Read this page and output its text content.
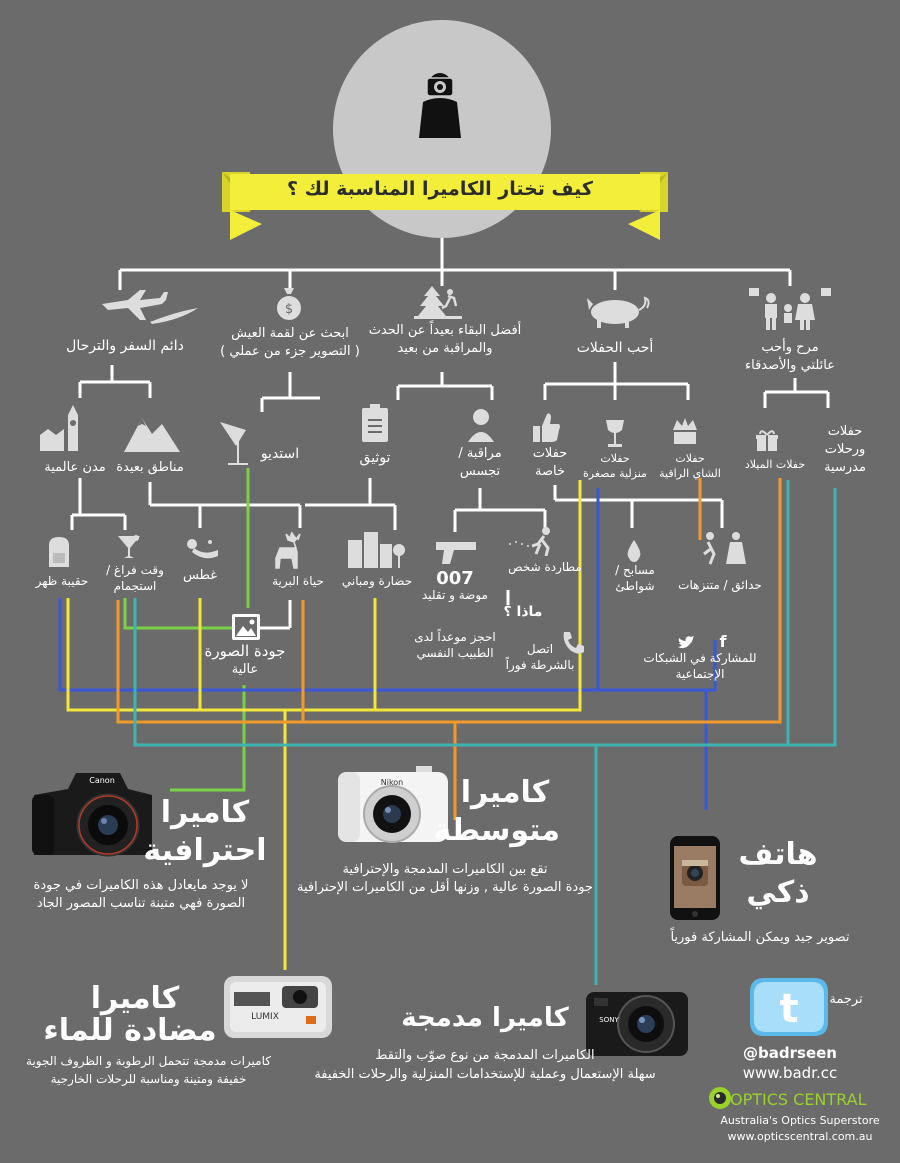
كيف تختار الكاميرا المناسبة لك ؟
دائم السفر والترحال
$
ابحث عن لقمة العيش
( التصوير جزء من عملي )
أفضل البقاء بعيداً عن الحدث
والمراقبة من بعيد	أحب الحفلات	مرح وأحب
عائلتي والأصدقاء
مدن عالمية مناطق بعيدة
استديو	توثيق	مراقبة /
تجسس
حفلات
خاصة
حفلات
منزلية مصغرة
حفلات
الشاي الراقية
حفلات الميلاد
حفلات
ورحلات
مدرسية
حقيبة ظهر
وقت فراغ /
استجمام
غطس	حياة البرية	حضارة ومباني	007
موضة و تقليد
مطاردة شخص	مسابح /
شواطئ	حدائق / متنزهات
جودة الصورة
عالية
احجز موعداً لدى
الطبيب النفسي
ماذا ؟
اتصل
بالشرطة فوراً
f
للمشاركة في الشبكات
الإجتماعية
Canon
كاميرا
احترافية
لا يوجد مايعادل هذه الكاميرات في جودة
الصورة فهي متينة تناسب المصور الجاد
Nikon	كاميرا
متوسطة
تقع بين الكاميرات المدمجة والإحترافية
جودة الصورة عالية , وزنها أقل من الكاميرات الإحترافية
هاتف
ذكي
تصوير جيد ويمكن المشاركة فورياً
LUMIX
كاميرا
مضادة للماء
كاميرات مدمجة تتحمل الرطوبة و الظروف الجوية
خفيفة ومتينة ومناسبة للرحلات الخارجية
SONY
كاميرا مدمجة
الكاميرات المدمجة من نوع صوّب والتقط
سهلة الإستعمال وعملية للإستخدامات المنزلية والرحلات الخفيفة
ترجمة
t
@badrseen
www.badr.cc
OPTICS CENTRAL
Australia's Optics Superstore
www.opticscentral.com.au
